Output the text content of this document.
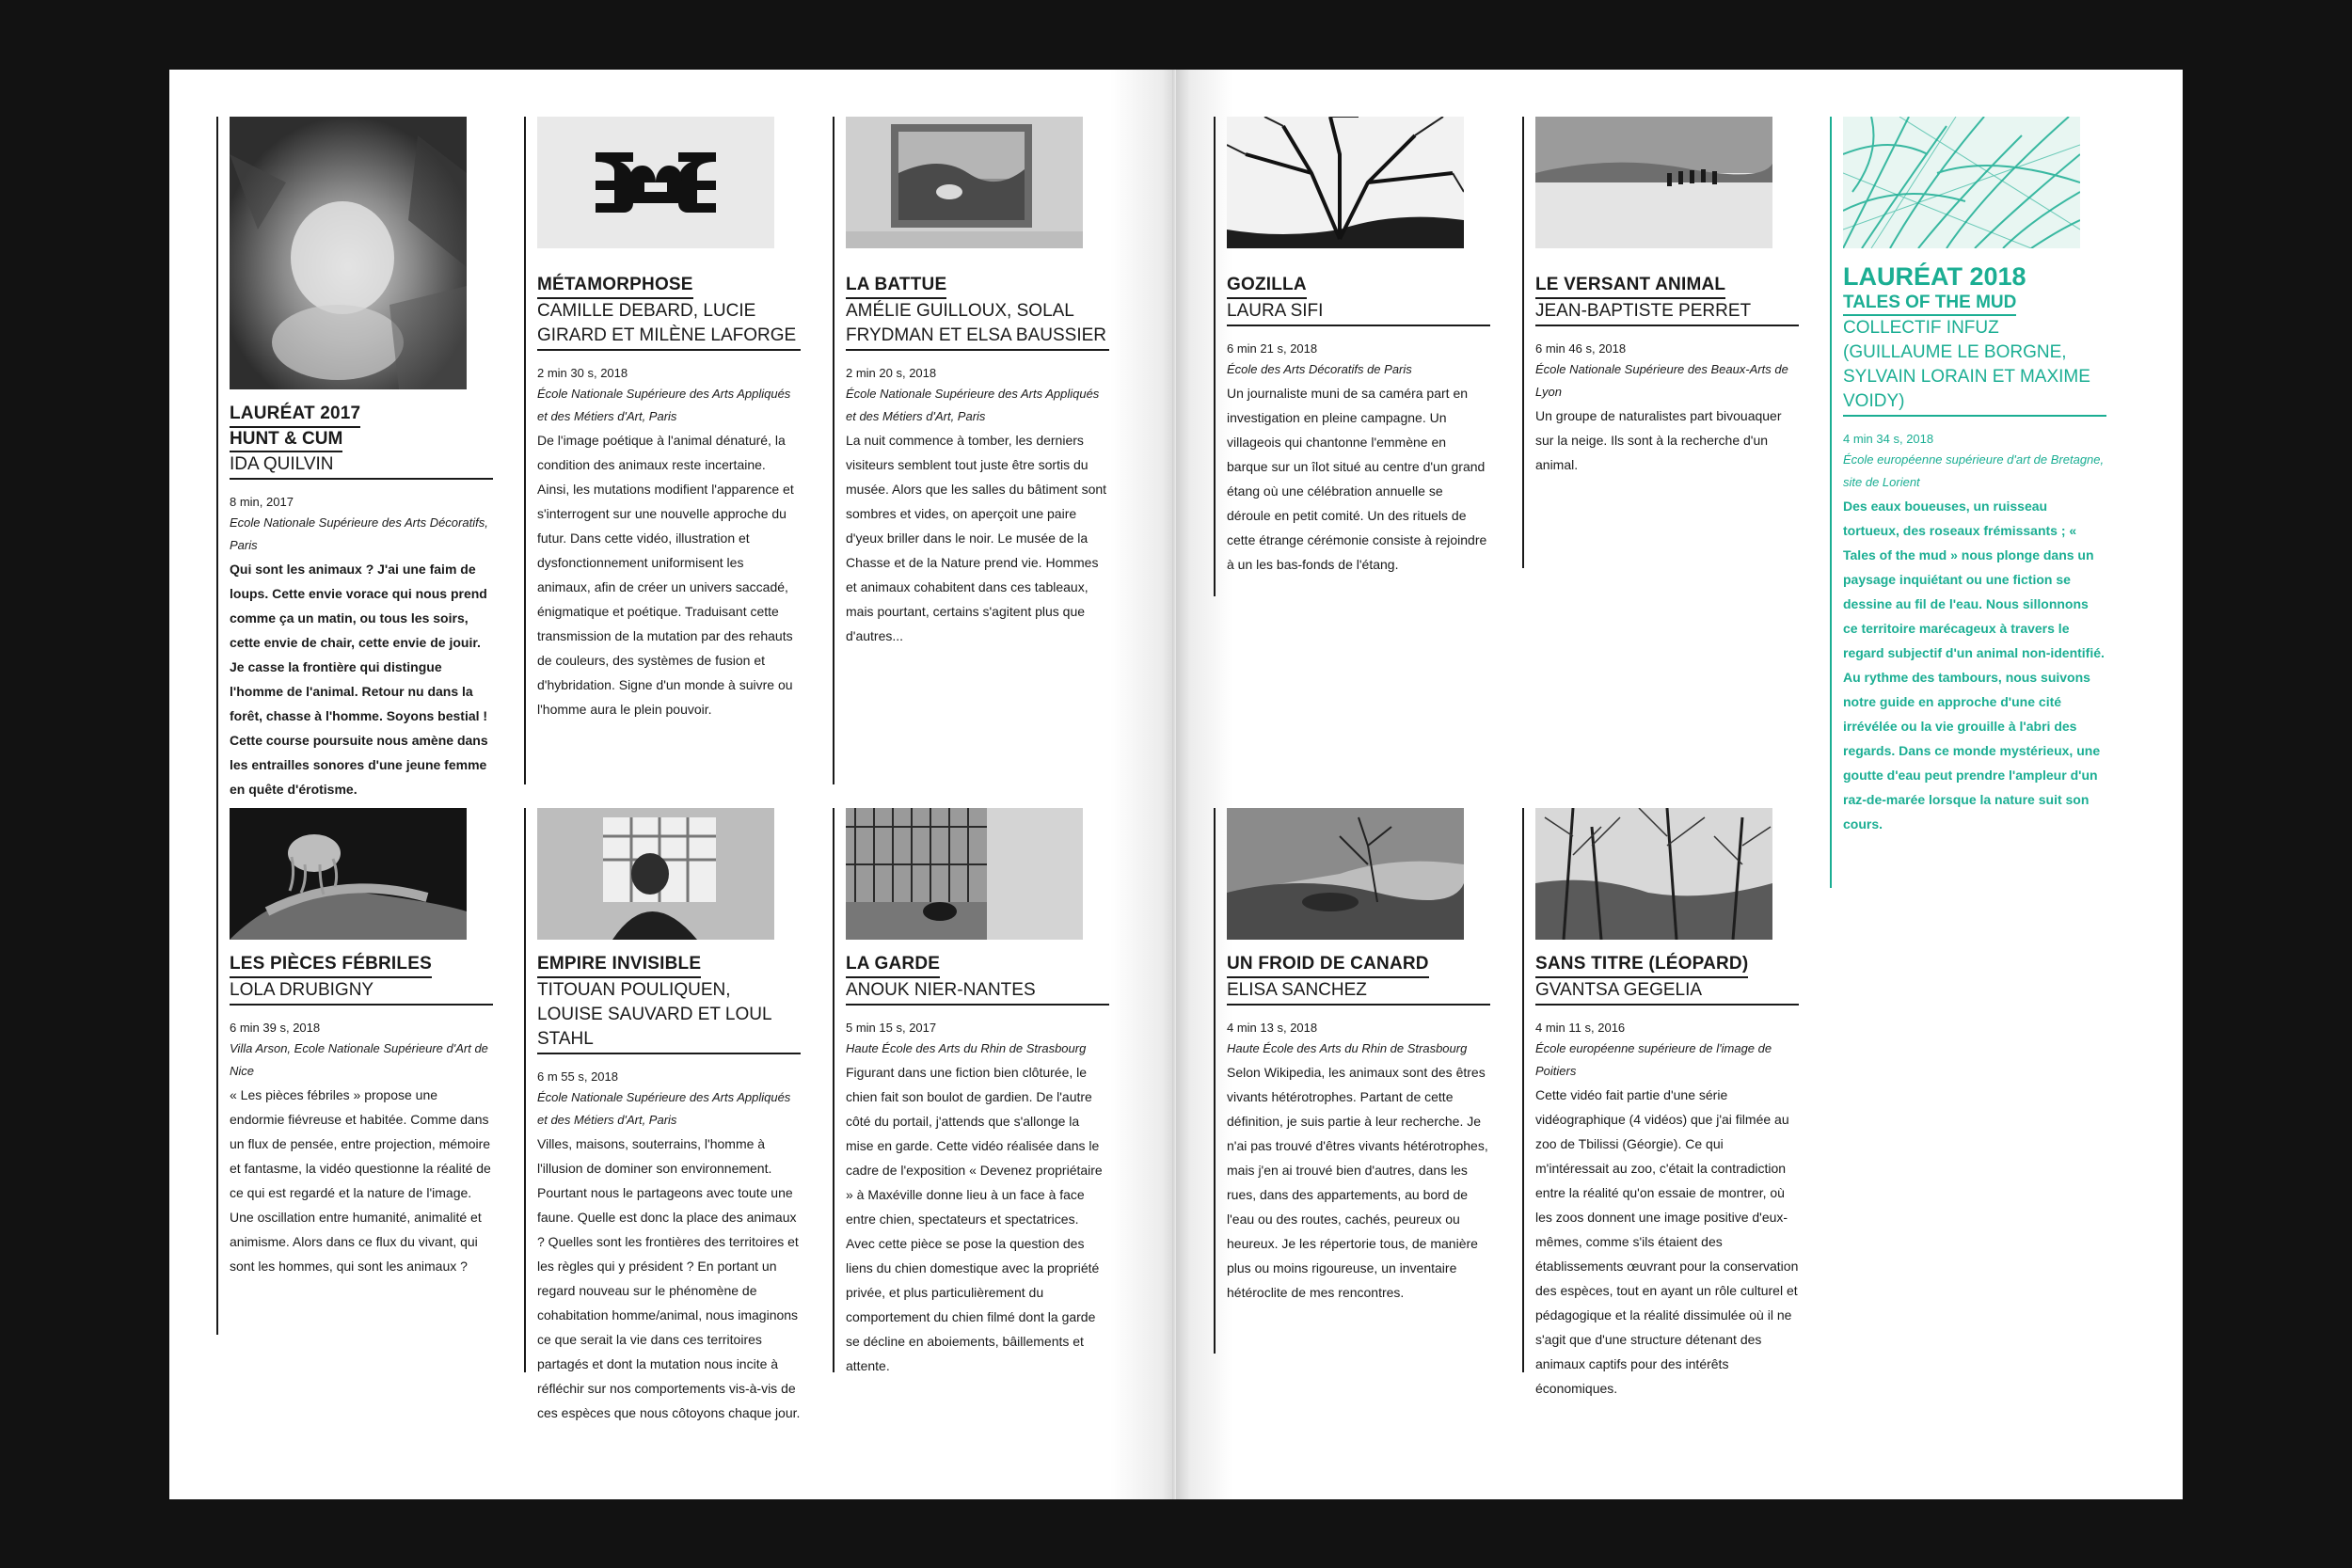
LAURÉAT 2017
HUNT & CUM
IDA QUILVIN
8 min, 2017
Ecole Nationale Supérieure des Arts Décoratifs, Paris
Qui sont les animaux ? J'ai une faim de loups. Cette envie vorace qui nous prend comme ça un matin, ou tous les soirs, cette envie de chair, cette envie de jouir. Je casse la frontière qui distingue l'homme de l'animal. Retour nu dans la forêt, chasse à l'homme. Soyons bestial ! Cette course poursuite nous amène dans les entrailles sonores d'une jeune femme en quête d'érotisme.
MÉTAMORPHOSE
CAMILLE DEBARD, LUCIE GIRARD ET MILÈNE LAFORGE
2 min 30 s, 2018
École Nationale Supérieure des Arts Appliqués et des Métiers d'Art, Paris
De l'image poétique à l'animal dénaturé, la condition des animaux reste incertaine. Ainsi, les mutations modifient l'apparence et s'interrogent sur une nouvelle approche du futur. Dans cette vidéo, illustration et dysfonctionnement uniformisent les animaux, afin de créer un univers saccadé, énigmatique et poétique. Traduisant cette transmission de la mutation par des rehauts de couleurs, des systèmes de fusion et d'hybridation. Signe d'un monde à suivre ou l'homme aura le plein pouvoir.
LA BATTUE
AMÉLIE GUILLOUX, SOLAL FRYDMAN ET ELSA BAUSSIER
2 min 20 s, 2018
École Nationale Supérieure des Arts Appliqués et des Métiers d'Art, Paris
La nuit commence à tomber, les derniers visiteurs semblent tout juste être sortis du musée. Alors que les salles du bâtiment sont sombres et vides, on aperçoit une paire d'yeux briller dans le noir. Le musée de la Chasse et de la Nature prend vie. Hommes et animaux cohabitent dans ces tableaux, mais pourtant, certains s'agitent plus que d'autres...
LES PIÈCES FÉBRILES
LOLA DRUBIGNY
6 min 39 s, 2018
Villa Arson, Ecole Nationale Supérieure d'Art de Nice
« Les pièces fébriles » propose une endormie fiévreuse et habitée. Comme dans un flux de pensée, entre projection, mémoire et fantasme, la vidéo questionne la réalité de ce qui est regardé et la nature de l'image. Une oscillation entre humanité, animalité et animisme. Alors dans ce flux du vivant, qui sont les hommes, qui sont les animaux ?
EMPIRE INVISIBLE
TITOUAN POULIQUEN, LOUISE SAUVARD ET LOUL STAHL
6 m 55 s, 2018
École Nationale Supérieure des Arts Appliqués et des Métiers d'Art, Paris
Villes, maisons, souterrains, l'homme à l'illusion de dominer son environnement. Pourtant nous le partageons avec toute une faune. Quelle est donc la place des animaux ? Quelles sont les frontières des territoires et les règles qui y président ? En portant un regard nouveau sur le phénomène de cohabitation homme/animal, nous imaginons ce que serait la vie dans ces territoires partagés et dont la mutation nous incite à réfléchir sur nos comportements vis-à-vis de ces espèces que nous côtoyons chaque jour.
LA GARDE
ANOUK NIER-NANTES
5 min 15 s, 2017
Haute École des Arts du Rhin de Strasbourg
Figurant dans une fiction bien clôturée, le chien fait son boulot de gardien. De l'autre côté du portail, j'attends que s'allonge la mise en garde. Cette vidéo réalisée dans le cadre de l'exposition « Devenez propriétaire » à Maxéville donne lieu à un face à face entre chien, spectateurs et spectatrices. Avec cette pièce se pose la question des liens du chien domestique avec la propriété privée, et plus particulièrement du comportement du chien filmé dont la garde se décline en aboiements, bâillements et attente.
GOZILLA
LAURA SIFI
6 min 21 s, 2018
École des Arts Décoratifs de Paris
Un journaliste muni de sa caméra part en investigation en pleine campagne. Un villageois qui chantonne l'emmène en barque sur un îlot situé au centre d'un grand étang où une célébration annuelle se déroule en petit comité. Un des rituels de cette étrange cérémonie consiste à rejoindre à un les bas-fonds de l'étang.
LE VERSANT ANIMAL
JEAN-BAPTISTE PERRET
6 min 46 s, 2018
École Nationale Supérieure des Beaux-Arts de Lyon
Un groupe de naturalistes part bivouaquer sur la neige. Ils sont à la recherche d'un animal.
LAURÉAT 2018
TALES OF THE MUD
COLLECTIF INFUZ (GUILLAUME LE BORGNE, SYLVAIN LORAIN ET MAXIME VOIDY)
4 min 34 s, 2018
École européenne supérieure d'art de Bretagne, site de Lorient
Des eaux boueuses, un ruisseau tortueux, des roseaux frémissants ; « Tales of the mud » nous plonge dans un paysage inquiétant ou une fiction se dessine au fil de l'eau. Nous sillonnons ce territoire marécageux à travers le regard subjectif d'un animal non-identifié. Au rythme des tambours, nous suivons notre guide en approche d'une cité irrévélée ou la vie grouille à l'abri des regards. Dans ce monde mystérieux, une goutte d'eau peut prendre l'ampleur d'un raz-de-marée lorsque la nature suit son cours.
UN FROID DE CANARD
ELISA SANCHEZ
4 min 13 s, 2018
Haute École des Arts du Rhin de Strasbourg
Selon Wikipedia, les animaux sont des êtres vivants hétérotrophes. Partant de cette définition, je suis partie à leur recherche. Je n'ai pas trouvé d'êtres vivants hétérotrophes, mais j'en ai trouvé bien d'autres, dans les rues, dans des appartements, au bord de l'eau ou des routes, cachés, peureux ou heureux. Je les répertorie tous, de manière plus ou moins rigoureuse, un inventaire hétéroclite de mes rencontres.
SANS TITRE (LÉOPARD)
GVANTSA GEGELIA
4 min 11 s, 2016
École européenne supérieure de l'image de Poitiers
Cette vidéo fait partie d'une série vidéographique (4 vidéos) que j'ai filmée au zoo de Tbilissi (Géorgie). Ce qui m'intéressait au zoo, c'était la contradiction entre la réalité qu'on essaie de montrer, où les zoos donnent une image positive d'eux-mêmes, comme s'ils étaient des établissements œuvrant pour la conservation des espèces, tout en ayant un rôle culturel et pédagogique et la réalité dissimulée où il ne s'agit que d'une structure détenant des animaux captifs pour des intérêts économiques.
